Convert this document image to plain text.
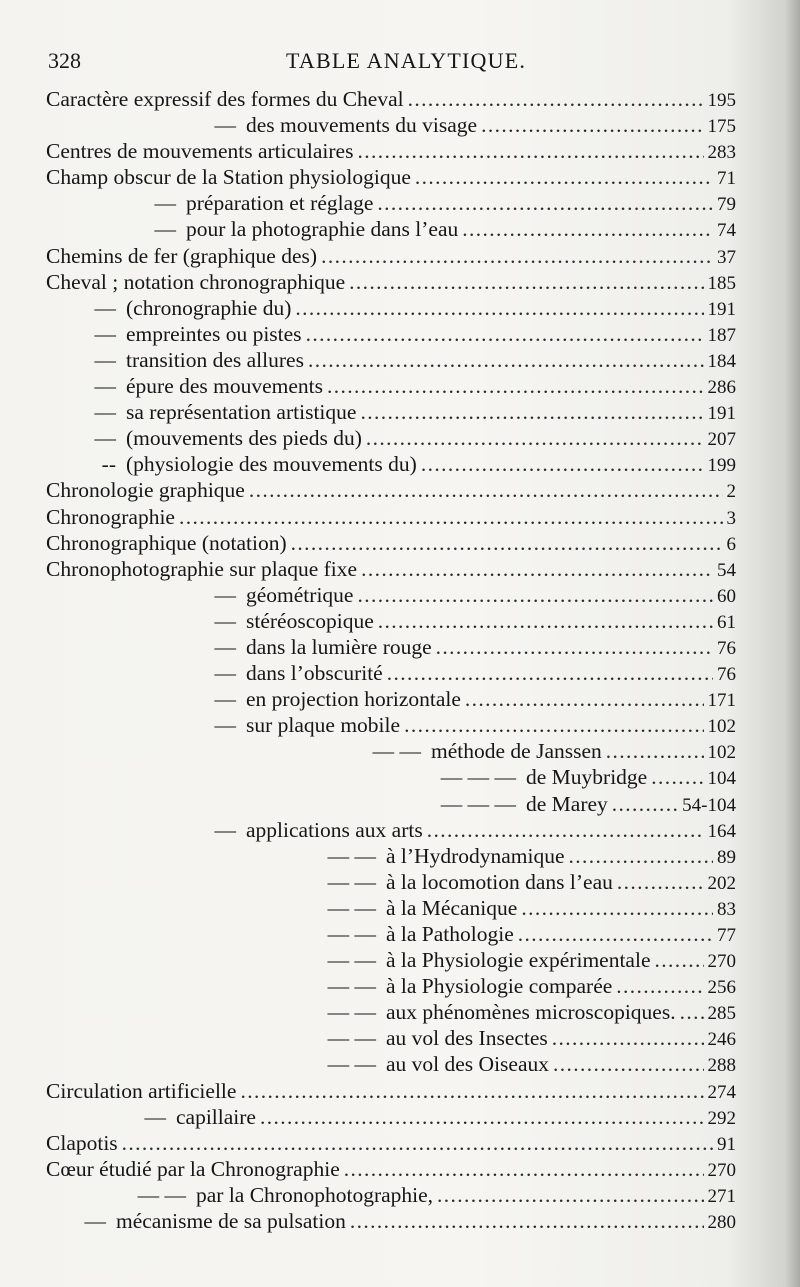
328	TABLE ANALYTIQUE.
Caractère expressif des formes du Cheval . . .	195
— des mouvements du visage . . .	175
Centres de mouvements articulaires . . .	283
Champ obscur de la Station physiologique . . .	71
— préparation et réglage . . .	79
— pour la photographie dans l’eau . . .	74
Chemins de fer (graphique des) . . .	37
Cheval ; notation chronographique . . .	185
— (chronographie du) . . .	191
— empreintes ou pistes . . .	187
— transition des allures . . .	184
— épure des mouvements . . .	286
— sa représentation artistique . . .	191
— (mouvements des pieds du) . . .	207
-- (physiologie des mouvements du) . . .	199
Chronologie graphique . . .	2
Chronographie . . .	3
Chronographique (notation) . . .	6
Chronophotographie sur plaque fixe . . .	54
— géométrique . . .	60
— stéréoscopique . . .	61
— dans la lumière rouge . . .	76
— dans l’obscurité . . .	76
— en projection horizontale . . .	171
— sur plaque mobile . . .	102
— — méthode de Janssen . . .	102
— — — de Muybridge . . .	104
— — — de Marey . . .	54-104
— applications aux arts . . .	164
— — à l’Hydrodynamique . . .	89
— — à la locomotion dans l’eau . . .	202
— — à la Mécanique . . .	83
— — à la Pathologie . . .	77
— — à la Physiologie expérimentale . . .	270
— — à la Physiologie comparée . . .	256
— — aux phénomènes microscopiques. . . . 285
— — au vol des Insectes . . .	246
— — au vol des Oiseaux . . .	288
Circulation artificielle . . .	274
— capillaire . . .	292
Clapotis . . .	91
Cœur étudié par la Chronographie . . .	270
— — par la Chronophotographie, . . .	271
— mécanisme de sa pulsation . . .	280
